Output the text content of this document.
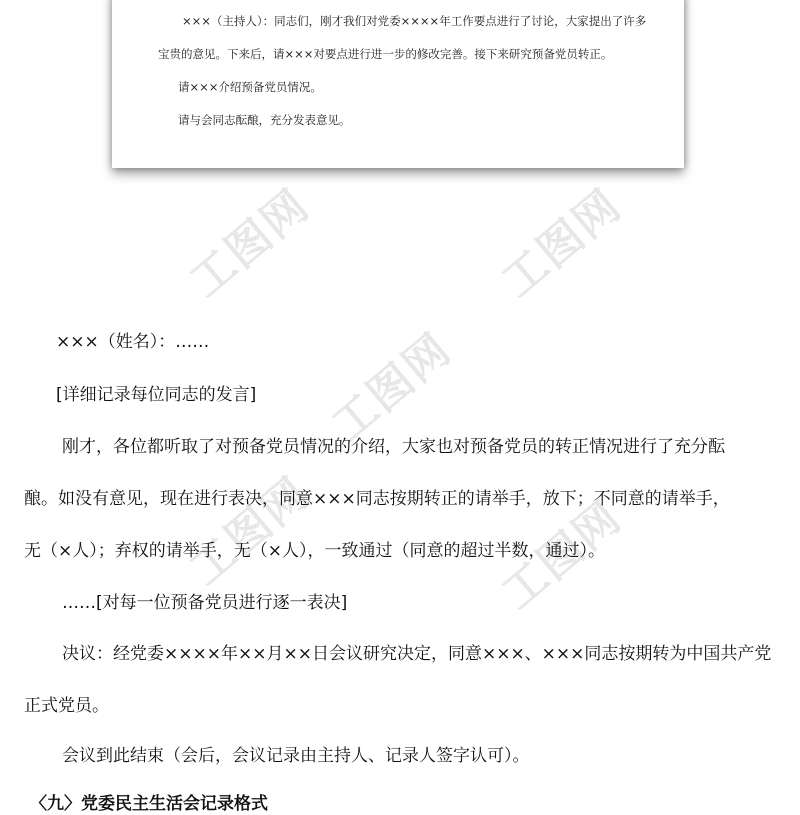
×××（主持人）：同志们，刚才我们对党委××××年工作要点进行了讨论，大家提出了许多

宝贵的意见。下来后，请×××对要点进行进一步的修改完善。接下来研究预备党员转正。

请×××介绍预备党员情况。

请与会同志酝酿，充分发表意见。

工图网	工图网
工图网
工图网	工图网

×××（姓名）：……

[详细记录每位同志的发言]

刚才，各位都听取了对预备党员情况的介绍，大家也对预备党员的转正情况进行了充分酝

酿。如没有意见，现在进行表决，同意×××同志按期转正的请举手，放下；不同意的请举手，

无（×人）；弃权的请举手，无（×人），一致通过（同意的超过半数，通过）。

……[对每一位预备党员进行逐一表决]

决议：经党委××××年××月××日会议研究决定，同意×××、×××同志按期转为中国共产党

正式党员。

会议到此结束（会后，会议记录由主持人、记录人签字认可）。

〈九〉党委民主生活会记录格式
